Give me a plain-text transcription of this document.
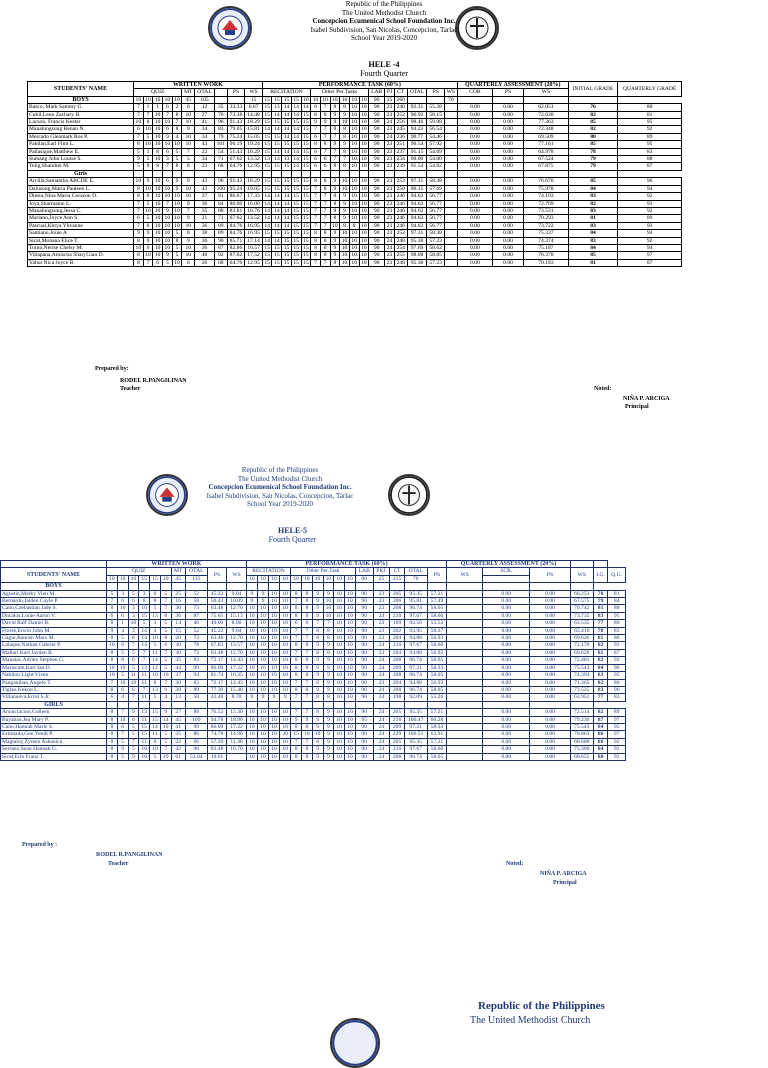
Republic of the Philippines
The United Methodist Church
Concepcion Ecumenical School Foundation Inc.
Isabel Subdivision, San Nicolas, Concepcion, Tarlac
School Year 2019-2020
HELE -4
Fourth Quarter
STUDENTS' NAME	WRITTEN WORK										PERFORMANCE TASK (60%)																	QUARTERLY ASSESSMENT (20%)			INITIAL GRADE	QUARTERLY GRADE
	QUIZ					MT	OTAL		PS	WS	RECITATION					Other Per.Tasks						LAB	PJ	CT	OTAL	PS	WS	COR	PS	WS		
BOYS	10	10	10	10	10	45	105			15	15	15	15	15	10	10	10	10	10	10	10	90	25	260			70					
Basco, Mark Sammy G.	7	1	1	6	2	6	12	35	33.33	6.67	15	13	14	14	14	6	7	8	8	10	10	90	23	240	92.31	55.38		0.00	0.00	62.051	76	80
Cubil,Leon Zachary B.	7	7	10	7	8	10	27	76	72.38	14.48	15	14	14	14	15	8	8	9	9	10	10	90	23	252	96.92	58.15		0.00	0.00	72.630	82	81
Lacson, Francis Kester	10	8	10	10	7	10	41	96	91.43	18.29	15	15	15	15	15	9	9	9	10	10	10	90	24	256	98.46	59.08		0.00	0.00	77.363	85	95
Manalungsung Renan N.	6	10	10	6	8	9	34	83	79.05	15.81	14	14	14	14	15	7	7	8	8	10	10	90	23	245	94.23	56.54		0.00	0.00	72.348	82	92
Mercado Glenmark Ros P.	7	5	10	9	4	10	34	79	75.24	15.05	15	15	14	14	15	6	7	7	8	10	10	90	24	236	90.77	54.46		0.00	0.00	69.509	80	89
Pabilan,Earl Flint L.	8	10	10	10	10	10	43	101	96.19	19.24	15	15	15	15	15	8	8	9	9	10	10	90	23	251	96.54	57.92		0.00	0.00	77.161	85	95
Pallasigue,Matthew E.	5	1	8	6	5	7	22	54	51.43	10.29	15	14	14	14	15	6	7	7	8	10	10	90	23	237	91.15	54.69		0.00	0.00	64.978	78	83
Sumang John Louise S.	9	5	10	3	5	5	34	71	67.62	13.52	13	13	13	14	15	6	6	7	7	10	10	90	23	234	90.00	54.00		0.00	0.00	67.524	79	88
Telig,Shandrei M.	5	9	8	7	8	8	23	68	64.76	12.95	15	15	15	14	15	6	6	8	8	10	10	90	23	238	91.54	54.92		0.00	0.00	67.875	79	87
Girls																																
Arcilla,Samantha ABCDE E.	10	9	10	6	9	9	43	96	91.43	18.29	15	15	15	15	15	8	8	9	10	10	10	90	23	253	97.31	58.38		0.00	0.00	76.670	85	96
Dalusong,Maria Pauleen L.	8	10	10	10	9	10	43	100	95.24	19.05	15	15	15	15	15	7	8	9	10	10	10	90	23	250	96.15	57.69		0.00	0.00	75.978	84	94
Diesta,Nina Maria Corazon D.	8	6	10	10	10	10	37	91	86.67	17.33	14	14	14	15	15	7	7	8	9	10	10	90	23	246	94.62	56.77		0.00	0.00	74.103	83	92
Joya,Sharmaine L.	7	5	10	7	10	9	36	84	80.00	16.00	14	14	14	15	15	7	7	8	9	10	10	90	23	246	94.62	56.77		0.00	0.00	72.769	82	93
Manalungsung,Jessa C.	7	10	10	9	10	7	35	88	83.81	16.76	14	14	14	15	15	7	7	8	9	10	10	90	23	246	94.62	56.77		0.00	0.00	73.531	83	92
Mariano,Joyce Ann S.	6	5	10	10	10	9	21	71	67.62	13.52	14	14	14	15	15	7	7	8	9	10	10	90	23	246	94.62	56.77		0.00	0.00	70.293	81	89
Pascual,Khrya Yhvanne	7	6	10	10	10	10	36	89	84.76	16.95	14	14	14	15	15	7	7	10	8	8	10	90	23	246	94.62	56.77		0.00	0.00	73.722	83	93
Santiano,Jouie A	9	9	10	10	5	8	38	89	84.76	16.95	15	15	15	15	15	8	8	9	10	10	10	90	23	253	97.31	58.38		0.00	0.00	75.337	84	94
Sicat,Mohana Elice T.	8	9	10	10	8	9	36	90	85.71	17.14	14	14	15	15	15	8	8	9	10	10	10	90	24	248	95.38	57.23		0.00	0.00	74.374	83	92
Torno,Nerise Chelsy M.	10	6	10	10	5	10	36	87	82.86	16.57	15	15	15	15	15	8	8	9	10	10	10	90	24	254	97.69	58.62		0.00	0.00	75.187	84	94
Villapana,Amischa Sharj Gian D.	8	10	10	9	5	10	40	92	87.62	17.52	15	15	15	15	15	8	8	9	10	10	10	90	23	255	98.08	58.85		0.00	0.00	76.370	85	97
Yabut Nica Joyce B.	8	7	6	5	10	6	26	68	64.76	12.95	15	15	15	15	15	7	7	8	10	10	10	90	23	248	95.38	57.23		0.00	0.00	70.183	81	87
Prepared by:
RODEL R.PANGILINAN
Teacher	Noted:
NIÑA P. ARCIGA
Principal
Republic of the Philippines
The United Methodist Church
Concepcion Ecumenical School Foundation Inc.
Isabel Subdivision, San Nicolas, Concepcion, Tarlac
School Year 2019-2020
HELE-5
Fourth Quarter
	WRITTEN WORK										PERFORMANCE TASK (60%)															QUARTERLY ASSESSMENT (20%)					
STUDENTS' NAME	QUIZ						MT	OTAL	PS	WS	RECITATION				Other Per.Task						LAB	PRJ.	CT	OTAL	PS	WS	SCR.	PS	WS	I.G.	Q.G.
	10	10	10	15	15	10	45	115			10	10	10	10	10	10	10	10	10	10	90	25	215	70							
BOYS																															
Agustin,Marky Vien M.	5	3	5	3	6	5	25	52	45.22	9.04	9	9	10	10	8	8	9	9	10	10	90	23	205	95.35	57.21		0.00	0.00	66.253	78	81
Bernardo,Jaiden Cayle P.	7	6	6	8	8	7	16	58	50.43	10.09	9	9	10	10	7	8	9	10	10	10	90	23	206	95.81	57.49		0.00	0.00	67.575	79	84
Cano,Czebastian Jade S.	8	10	3	10	5	7	30	73	63.48	12.70	10	10	10	10	8	8	9	10	10	10	90	23	208	96.74	58.05		0.00	0.00	70.742	81	88
Ducalos,Louie Aaron V.	6	6	3	15	13	8	36	87	75.65	15.13	10	10	10	10	8	8	9	10	10	10	90	24	210	97.67	58.60		0.00	0.00	73.735	83	95
David Ralf Daniel B.	8	1	10	5	3	5	14	46	40.00	8.00	10	10	10	10	6	6	7	7	10	10	90	23	199	92.56	55.53		0.00	0.00	63.535	77	80
Flores,Erwin John M.	9	3	3	14	3	5	15	52	45.22	9.04	10	10	10	10	7	7	8	8	10	10	90	23	202	93.95	56.37		0.00	0.00	65.416	78	83
Gagui,Rancen Marx M.	8	5	8	14	10	8	20	73	63.48	12.70	10	10	10	10	7	7	8	8	10	10	90	23	204	94.88	56.93		0.00	0.00	69.626	81	86
Lalaque,Nathan Gabriel P.	10	6	7	14	5	6	30	78	67.83	13.57	10	10	10	10	8	8	9	9	10	10	90	24	210	97.67	58.60		0.00	0.00	72.170	82	93
Mallari Karl Jayden R.	8	5	5	7	11	7	30	73	63.48	12.70	10	10	10	10	7	7	8	8	10	10	90	23	204	94.88	56.93		0.00	0.00	69.626	81	87
Manalac,Adrien Stephen G.	8	8	6	7	14	5	35	83	72.17	14.43	10	10	10	10	8	8	9	9	10	10	90	24	208	96.74	58.05		0.00	0.00	72.481	82	92
Mariscote,Karl Ian D.	10	10	5	13	12	5	44	99	86.09	17.22	10	10	10	10	8	8	9	9	10	10	90	24	209	97.21	58.33		0.00	0.00	75.543	84	96
Nabilon Light Vixen	10	5	11	11	10	10	37	94	81.74	16.35	10	10	10	10	8	8	9	9	10	10	90	24	208	96.74	58.05		0.00	0.00	74.394	83	95
Panganiban,Angelo T.	7	10	10	11	8	7	30	83	72.17	14.43	10	10	10	10	7	7	8	9	10	10	90	23	204	94.88	56.93		0.00	0.00	71.365	82	86
Tiglao,Kekou L.	8	6	6	7	13	9	38	89	77.39	15.48	10	10	10	10	8	8	9	9	10	10	90	24	208	96.74	58.05		0.00	0.00	73.525	83	96
Villanueva,Errol S.Jr.	6	4	7	11	5	4	13	50	43.48	8.70	9	9	9	9	7	7	8	8	10	10	90	24	198	92.09	55.26		0.00	0.00	63.951	77	83
GIRLS																															
Anunciacion,Colleen	8	7	9	13	15	9	27	88	76.52	15.30	10	10	10	10	7	7	8	9	10	10	90	24	205	95.35	57.21		0.00	0.00	72.514	82	89
Bayaban,Jea Mary P.	8	10	6	11	15	14	45	109	94.78	18.96	10	10	10	10	9	9	9	9	10	10	95	24	216	100.47	60.28		0.00	0.00	79.236	87	97
Cano,Hannah Marie S.	8	6	5	15	14	10	41	99	86.09	17.22	10	10	10	10	8	8	9	9	10	10	90	24	209	97.21	58.33		0.00	0.00	75.543	84	95
Estimada,Gen Yendi P.	8	7	5	15	11	5	35	86	74.78	14.96	10	10	10	20	15	10	10	9	10	10	90	24	229	106.51	63.91		0.00	0.00	78.863	86	97
Magtaloy,Zyreen Ashanica	8	5	7	11	8	5	22	66	57.39	11.48	10	10	10	10	7	7	8	9	10	10	90	24	205	95.35	57.21		0.00	0.00	68.688	80	92
Serrano,Sean Hannah G.	8	9	5	10	10	7	42	96	83.48	16.70	10	10	10	10	8	8	9	9	10	10	90	24	210	97.67	58.60		0.00	0.00	75.300	84	92
Sicat,Erin Franz T.	8	5	9	10	5	19	61	53.04	10.61		10	10	10	10	8	8	9	9	10	10	90	24	208	96.74	58.05		0.00	0.00	68.655	80	92
Prepared by :
RODEL R.PANGILINAN
Teacher	Noted:
NIÑA P. ARCIGA
Principal
Republic of the Philippines
The United Methodist Church
